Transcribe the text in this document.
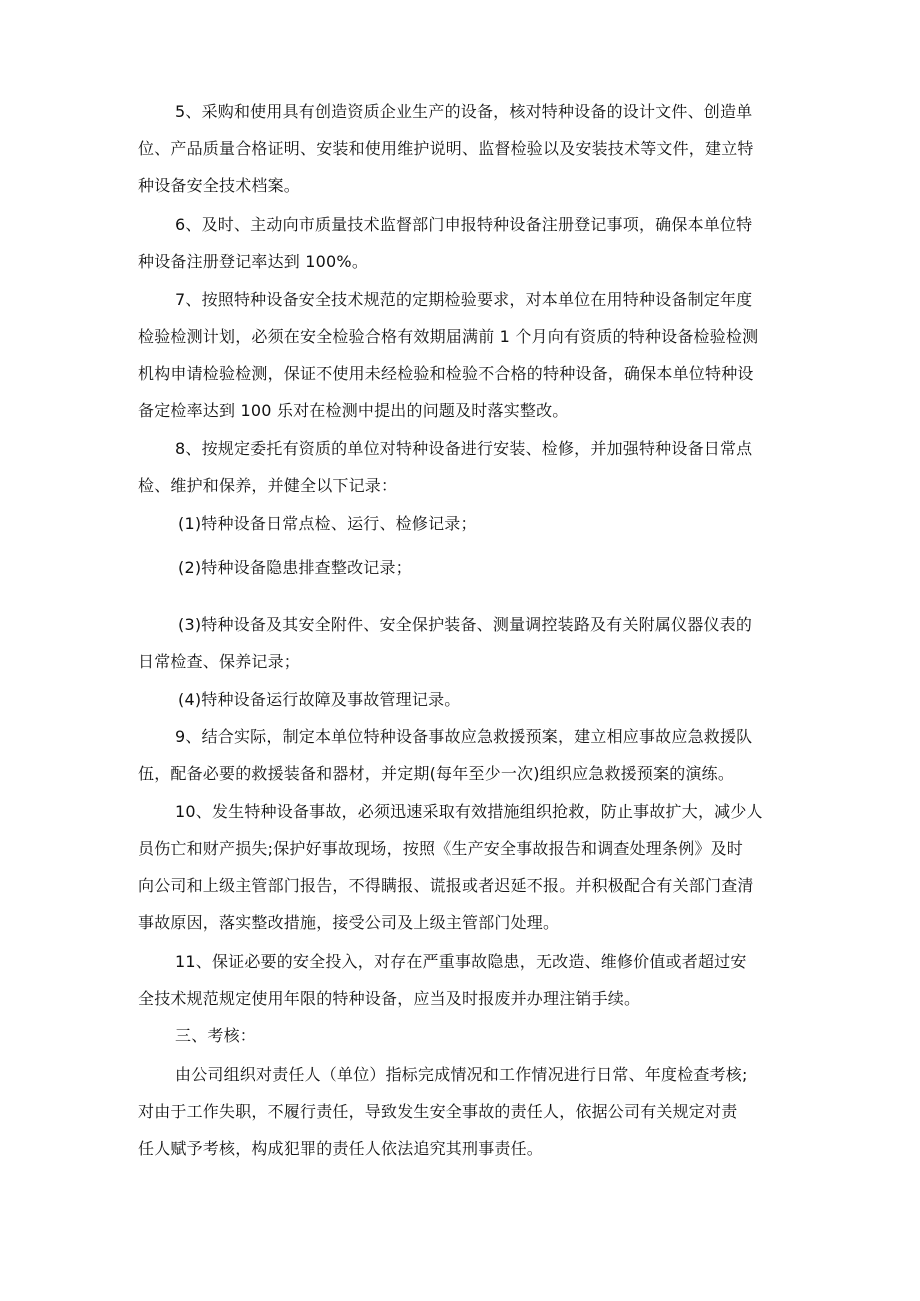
5、采购和使用具有创造资质企业生产的设备，核对特种设备的设计文件、创造单
位、产品质量合格证明、安装和使用维护说明、监督检验以及安装技术等文件，建立特
种设备安全技术档案。
6、及时、主动向市质量技术监督部门申报特种设备注册登记事项，确保本单位特
种设备注册登记率达到 100%。
7、按照特种设备安全技术规范的定期检验要求，对本单位在用特种设备制定年度
检验检测计划，必须在安全检验合格有效期届满前 1 个月向有资质的特种设备检验检测
机构申请检验检测，保证不使用未经检验和检验不合格的特种设备，确保本单位特种设
备定检率达到 100 乐对在检测中提出的问题及时落实整改。
8、按规定委托有资质的单位对特种设备进行安装、检修，并加强特种设备日常点
检、维护和保养，并健全以下记录：
(1)特种设备日常点检、运行、检修记录；
(2)特种设备隐患排查整改记录；
(3)特种设备及其安全附件、安全保护装备、测量调控装路及有关附属仪器仪表的
日常检查、保养记录；
(4)特种设备运行故障及事故管理记录。
9、结合实际，制定本单位特种设备事故应急救援预案，建立相应事故应急救援队
伍，配备必要的救援装备和器材，并定期(每年至少一次)组织应急救援预案的演练。
10、发生特种设备事故，必须迅速采取有效措施组织抢救，防止事故扩大，减少人
员伤亡和财产损失;保护好事故现场，按照《生产安全事故报告和调查处理条例》及时
向公司和上级主管部门报告，不得瞒报、谎报或者迟延不报。并积极配合有关部门查清
事故原因，落实整改措施，接受公司及上级主管部门处理。
11、保证必要的安全投入，对存在严重事故隐患，无改造、维修价值或者超过安
全技术规范规定使用年限的特种设备，应当及时报废并办理注销手续。
三、考核：
由公司组织对责任人（单位）指标完成情况和工作情况进行日常、年度检查考核;
对由于工作失职，不履行责任，导致发生安全事故的责任人，依据公司有关规定对责
任人赋予考核，构成犯罪的责任人依法追究其刑事责任。
